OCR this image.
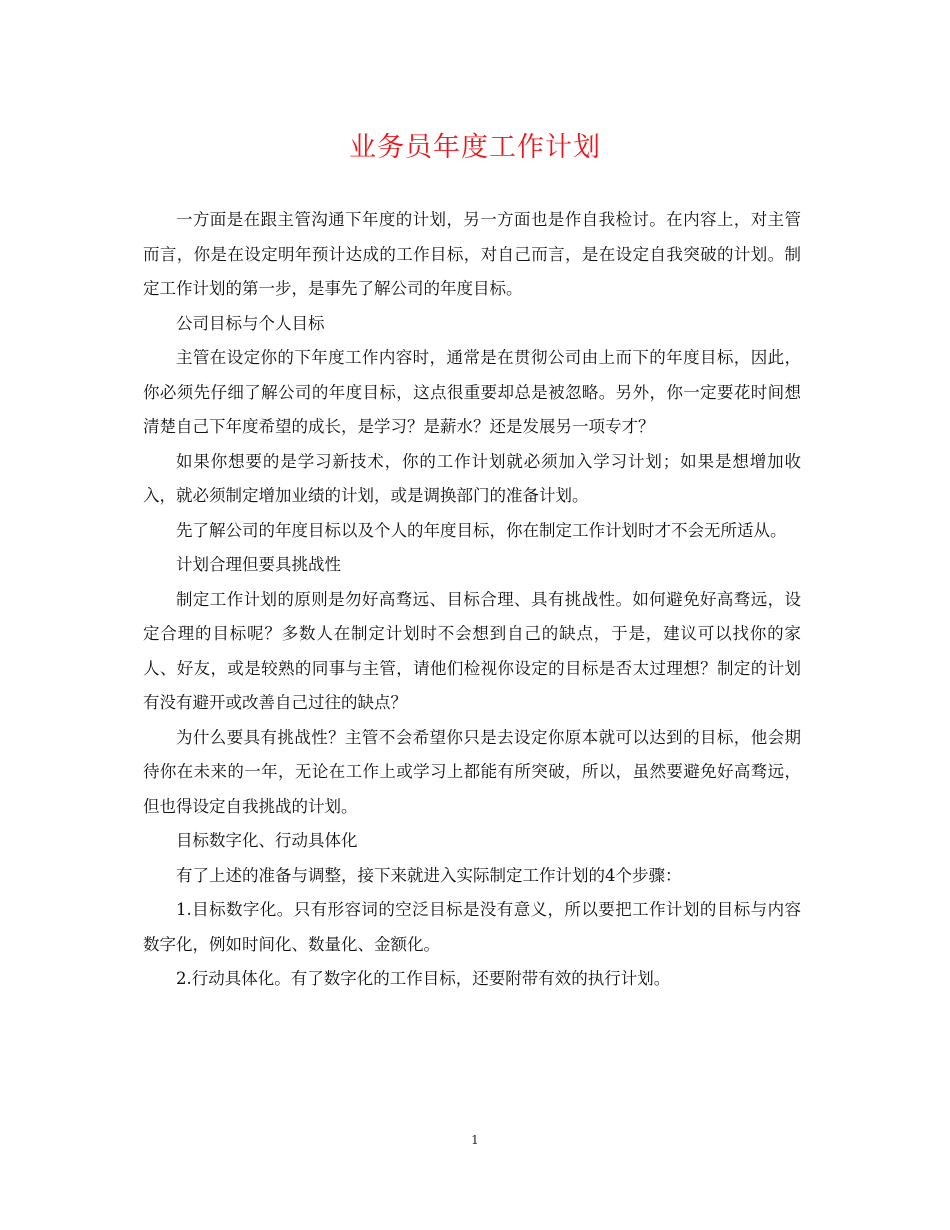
业务员年度工作计划

一方面是在跟主管沟通下年度的计划，另一方面也是作自我检讨。在内容上，对主管而言，你是在设定明年预计达成的工作目标，对自己而言，是在设定自我突破的计划。制定工作计划的第一步，是事先了解公司的年度目标。

公司目标与个人目标

主管在设定你的下年度工作内容时，通常是在贯彻公司由上而下的年度目标，因此，你必须先仔细了解公司的年度目标，这点很重要却总是被忽略。另外，你一定要花时间想清楚自己下年度希望的成长，是学习？是薪水？还是发展另一项专才？

如果你想要的是学习新技术，你的工作计划就必须加入学习计划；如果是想增加收入，就必须制定增加业绩的计划，或是调换部门的准备计划。

先了解公司的年度目标以及个人的年度目标，你在制定工作计划时才不会无所适从。

计划合理但要具挑战性

制定工作计划的原则是勿好高骛远、目标合理、具有挑战性。如何避免好高骛远，设定合理的目标呢？多数人在制定计划时不会想到自己的缺点，于是，建议可以找你的家人、好友，或是较熟的同事与主管，请他们检视你设定的目标是否太过理想？制定的计划有没有避开或改善自己过往的缺点？

为什么要具有挑战性？主管不会希望你只是去设定你原本就可以达到的目标，他会期待你在未来的一年，无论在工作上或学习上都能有所突破，所以，虽然要避免好高骛远，但也得设定自我挑战的计划。

目标数字化、行动具体化

有了上述的准备与调整，接下来就进入实际制定工作计划的4个步骤：

1.目标数字化。只有形容词的空泛目标是没有意义，所以要把工作计划的目标与内容数字化，例如时间化、数量化、金额化。

2.行动具体化。有了数字化的工作目标，还要附带有效的执行计划。

1
